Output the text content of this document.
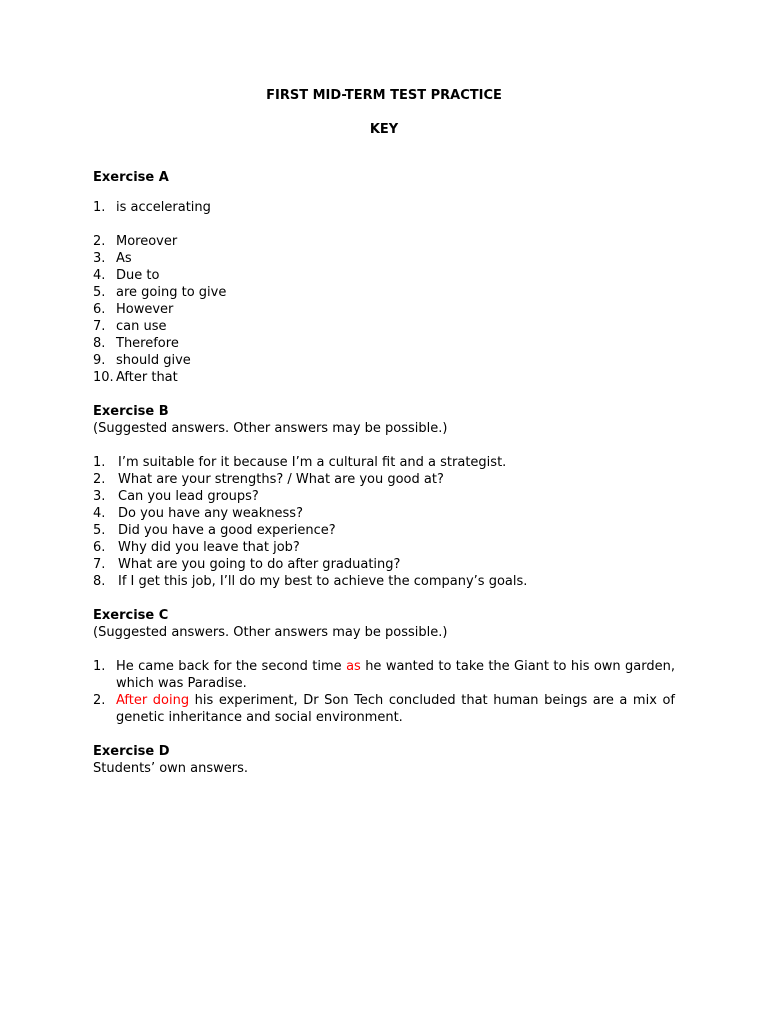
FIRST MID-TERM TEST PRACTICE
KEY
Exercise A
1. is accelerating
2. Moreover
3. As
4. Due to
5. are going to give
6. However
7. can use
8. Therefore
9. should give
10. After that
Exercise B
(Suggested answers. Other answers may be possible.)
1. I’m suitable for it because I’m a cultural fit and a strategist.
2. What are your strengths? / What are you good at?
3. Can you lead groups?
4. Do you have any weakness?
5. Did you have a good experience?
6. Why did you leave that job?
7. What are you going to do after graduating?
8. If I get this job, I’ll do my best to achieve the company’s goals.
Exercise C
(Suggested answers. Other answers may be possible.)
1. He came back for the second time as he wanted to take the Giant to his own garden, which was Paradise.
2. After doing his experiment, Dr Son Tech concluded that human beings are a mix of genetic inheritance and social environment.
Exercise D
Students’ own answers.
